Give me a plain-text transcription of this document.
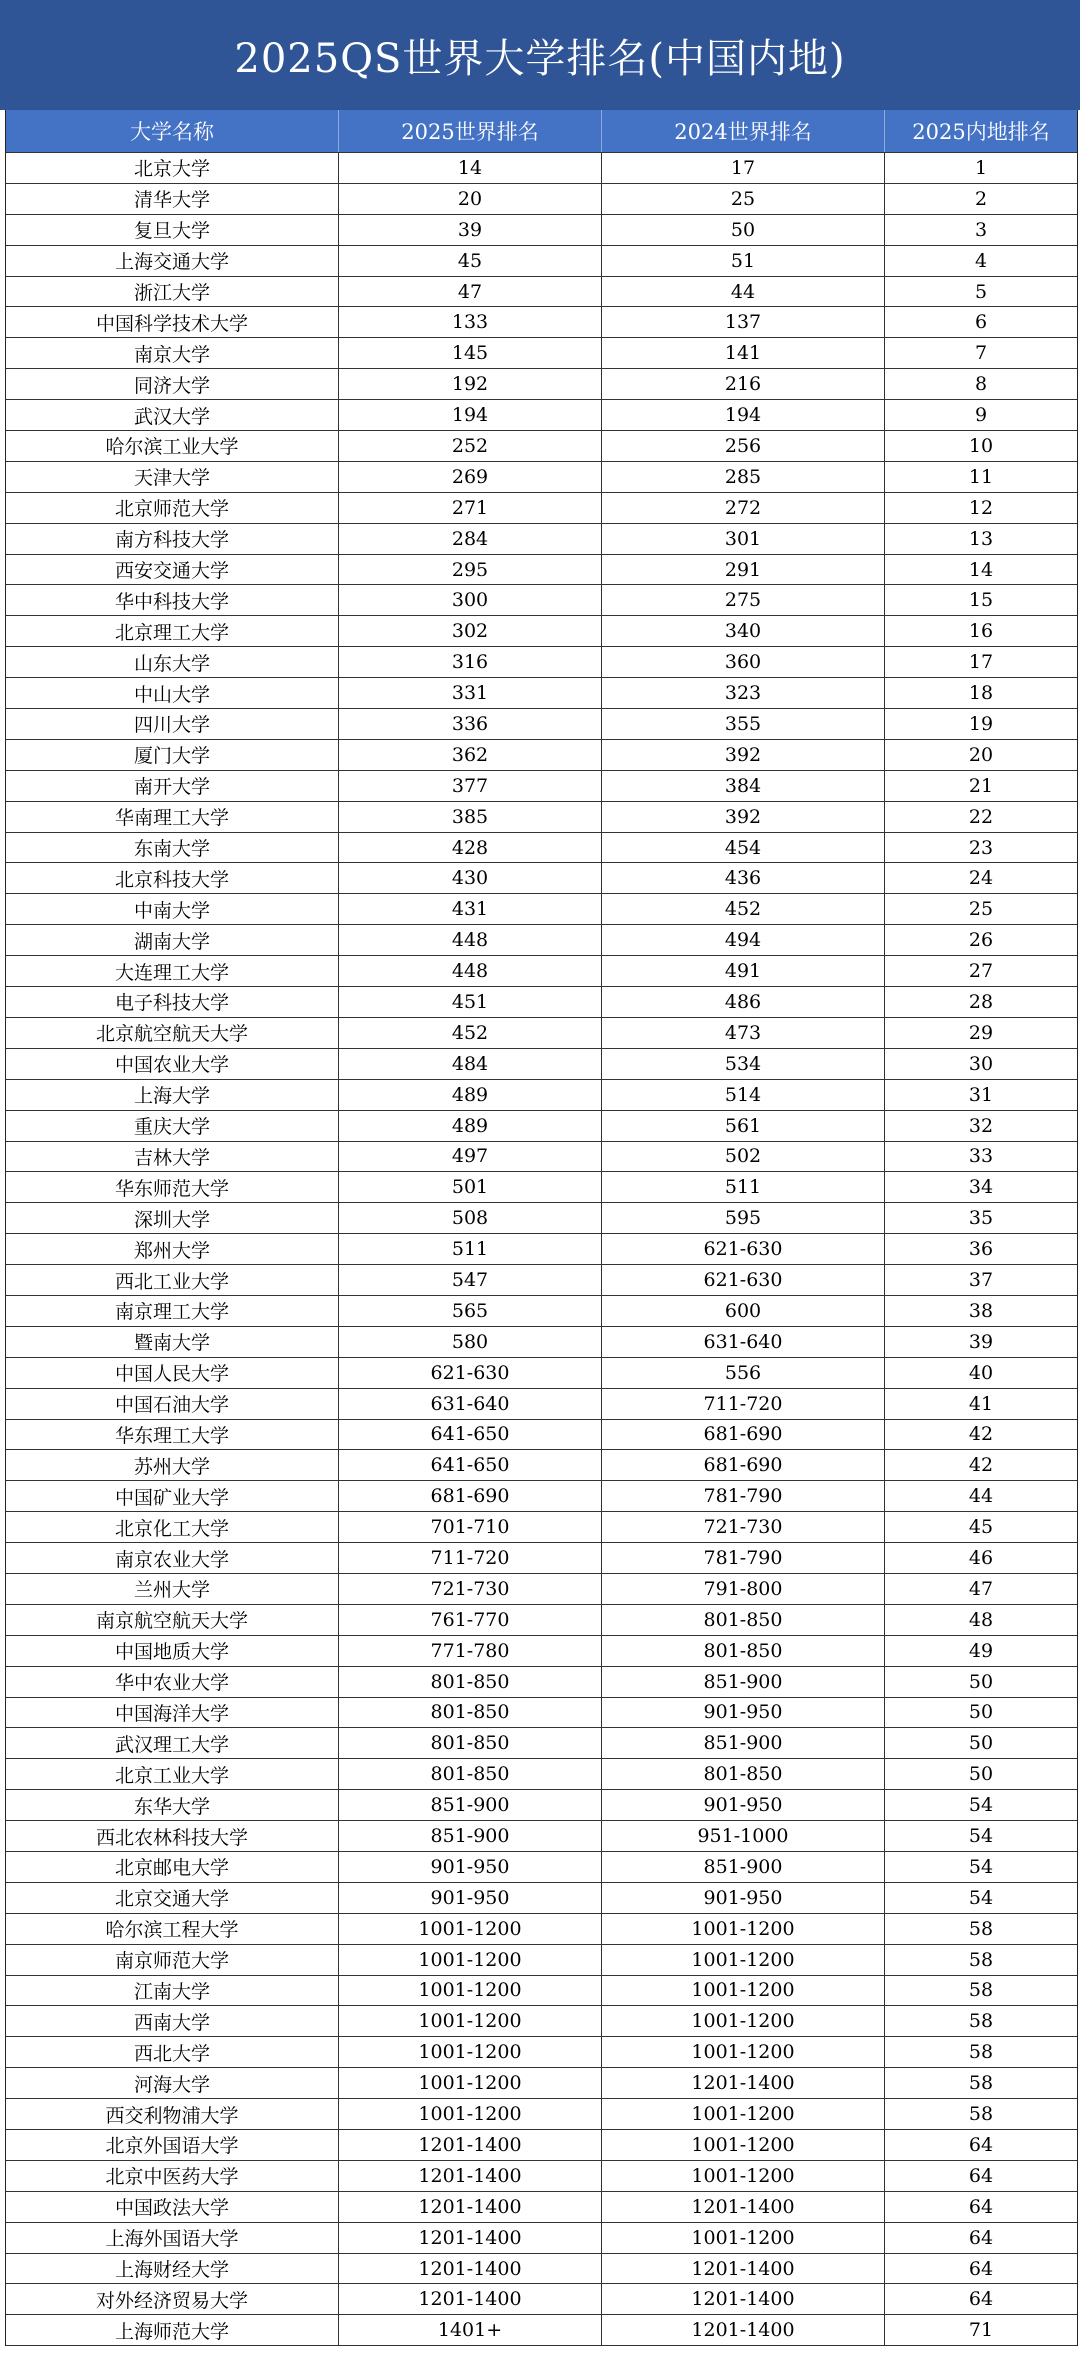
2025QS世界大学排名(中国内地)
大学名称	2025世界排名	2024世界排名	2025内地排名
北京大学	14	17	1
清华大学	20	25	2
复旦大学	39	50	3
上海交通大学	45	51	4
浙江大学	47	44	5
中国科学技术大学	133	137	6
南京大学	145	141	7
同济大学	192	216	8
武汉大学	194	194	9
哈尔滨工业大学	252	256	10
天津大学	269	285	11
北京师范大学	271	272	12
南方科技大学	284	301	13
西安交通大学	295	291	14
华中科技大学	300	275	15
北京理工大学	302	340	16
山东大学	316	360	17
中山大学	331	323	18
四川大学	336	355	19
厦门大学	362	392	20
南开大学	377	384	21
华南理工大学	385	392	22
东南大学	428	454	23
北京科技大学	430	436	24
中南大学	431	452	25
湖南大学	448	494	26
大连理工大学	448	491	27
电子科技大学	451	486	28
北京航空航天大学	452	473	29
中国农业大学	484	534	30
上海大学	489	514	31
重庆大学	489	561	32
吉林大学	497	502	33
华东师范大学	501	511	34
深圳大学	508	595	35
郑州大学	511	621-630	36
西北工业大学	547	621-630	37
南京理工大学	565	600	38
暨南大学	580	631-640	39
中国人民大学	621-630	556	40
中国石油大学	631-640	711-720	41
华东理工大学	641-650	681-690	42
苏州大学	641-650	681-690	42
中国矿业大学	681-690	781-790	44
北京化工大学	701-710	721-730	45
南京农业大学	711-720	781-790	46
兰州大学	721-730	791-800	47
南京航空航天大学	761-770	801-850	48
中国地质大学	771-780	801-850	49
华中农业大学	801-850	851-900	50
中国海洋大学	801-850	901-950	50
武汉理工大学	801-850	851-900	50
北京工业大学	801-850	801-850	50
东华大学	851-900	901-950	54
西北农林科技大学	851-900	951-1000	54
北京邮电大学	901-950	851-900	54
北京交通大学	901-950	901-950	54
哈尔滨工程大学	1001-1200	1001-1200	58
南京师范大学	1001-1200	1001-1200	58
江南大学	1001-1200	1001-1200	58
西南大学	1001-1200	1001-1200	58
西北大学	1001-1200	1001-1200	58
河海大学	1001-1200	1201-1400	58
西交利物浦大学	1001-1200	1001-1200	58
北京外国语大学	1201-1400	1001-1200	64
北京中医药大学	1201-1400	1001-1200	64
中国政法大学	1201-1400	1201-1400	64
上海外国语大学	1201-1400	1001-1200	64
上海财经大学	1201-1400	1201-1400	64
对外经济贸易大学	1201-1400	1201-1400	64
上海师范大学	1401+	1201-1400	71
